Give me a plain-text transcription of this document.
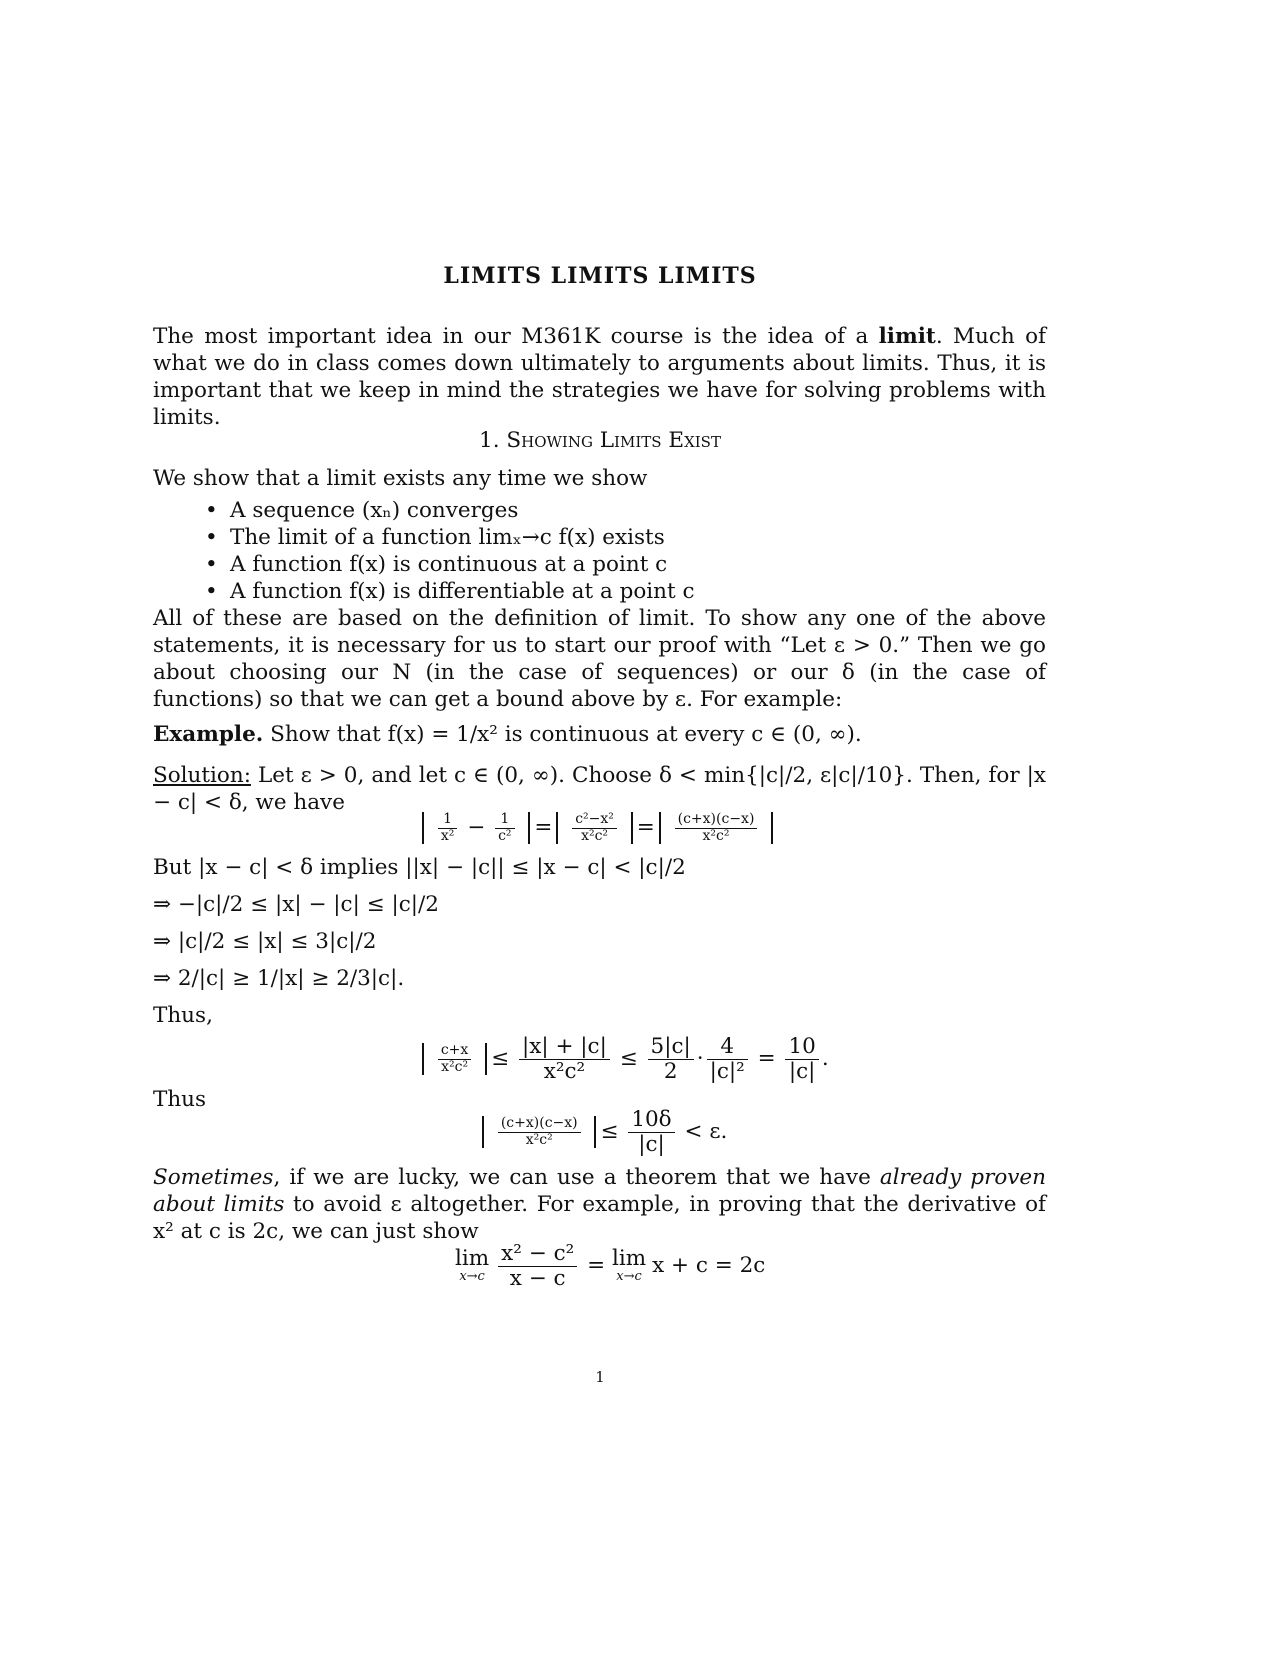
LIMITS LIMITS LIMITS
The most important idea in our M361K course is the idea of a limit. Much of what we do in class comes down ultimately to arguments about limits. Thus, it is important that we keep in mind the strategies we have for solving problems with limits.
1. Showing Limits Exist
We show that a limit exists any time we show
• A sequence (xₙ) converges
• The limit of a function limₓ→c f(x) exists
• A function f(x) is continuous at a point c
• A function f(x) is differentiable at a point c
All of these are based on the definition of limit. To show any one of the above statements, it is necessary for us to start our proof with “Let ε > 0.” Then we go about choosing our N (in the case of sequences) or our δ (in the case of functions) so that we can get a bound above by ε. For example:
Example. Show that f(x) = 1/x² is continuous at every c ∈ (0, ∞).
Solution: Let ε > 0, and let c ∈ (0, ∞). Choose δ < min{|c|/2, ε|c|/10}. Then, for |x − c| < δ, we have

$\frac{1}{\text{x²}} - \frac{1}{\text{c²}} = \frac{\text{c²−x²}}{\text{x²c²}} = \frac{(c+x)(c-x)}{\text{x²c²}}$

But |x − c| < δ implies ||x| − |c|| ≤ |x − c| < |c|/2
⇒ −|c|/2 ≤ |x| − |c| ≤ |c|/2
⇒ |c|/2 ≤ |x| ≤ 3|c|/2
⇒ 2/|c| ≥ 1/|x| ≥ 2/3|c|.
Thus,

$\frac{c+x}{\text{x²c²}} \le \frac{|x| + |c|}{\text{x²c²}} \le \frac{5|c|}{2} \cdot \frac{4}{\text{|c|²}} = \frac{10}{|c|}$ .
Thus

$\frac{(c+x)(c-x)}{\text{x²c²}} \le \frac{10\delta}{|c|} < \varepsilon$.
Sometimes, if we are lucky, we can use a theorem that we have already proven about limits to avoid ε altogether. For example, in proving that the derivative of x² at c is 2c, we can just show
lim
$x\to c \frac{\text{x² − c²}}{x - c} = \lim$
x→c x + c = 2c
1
